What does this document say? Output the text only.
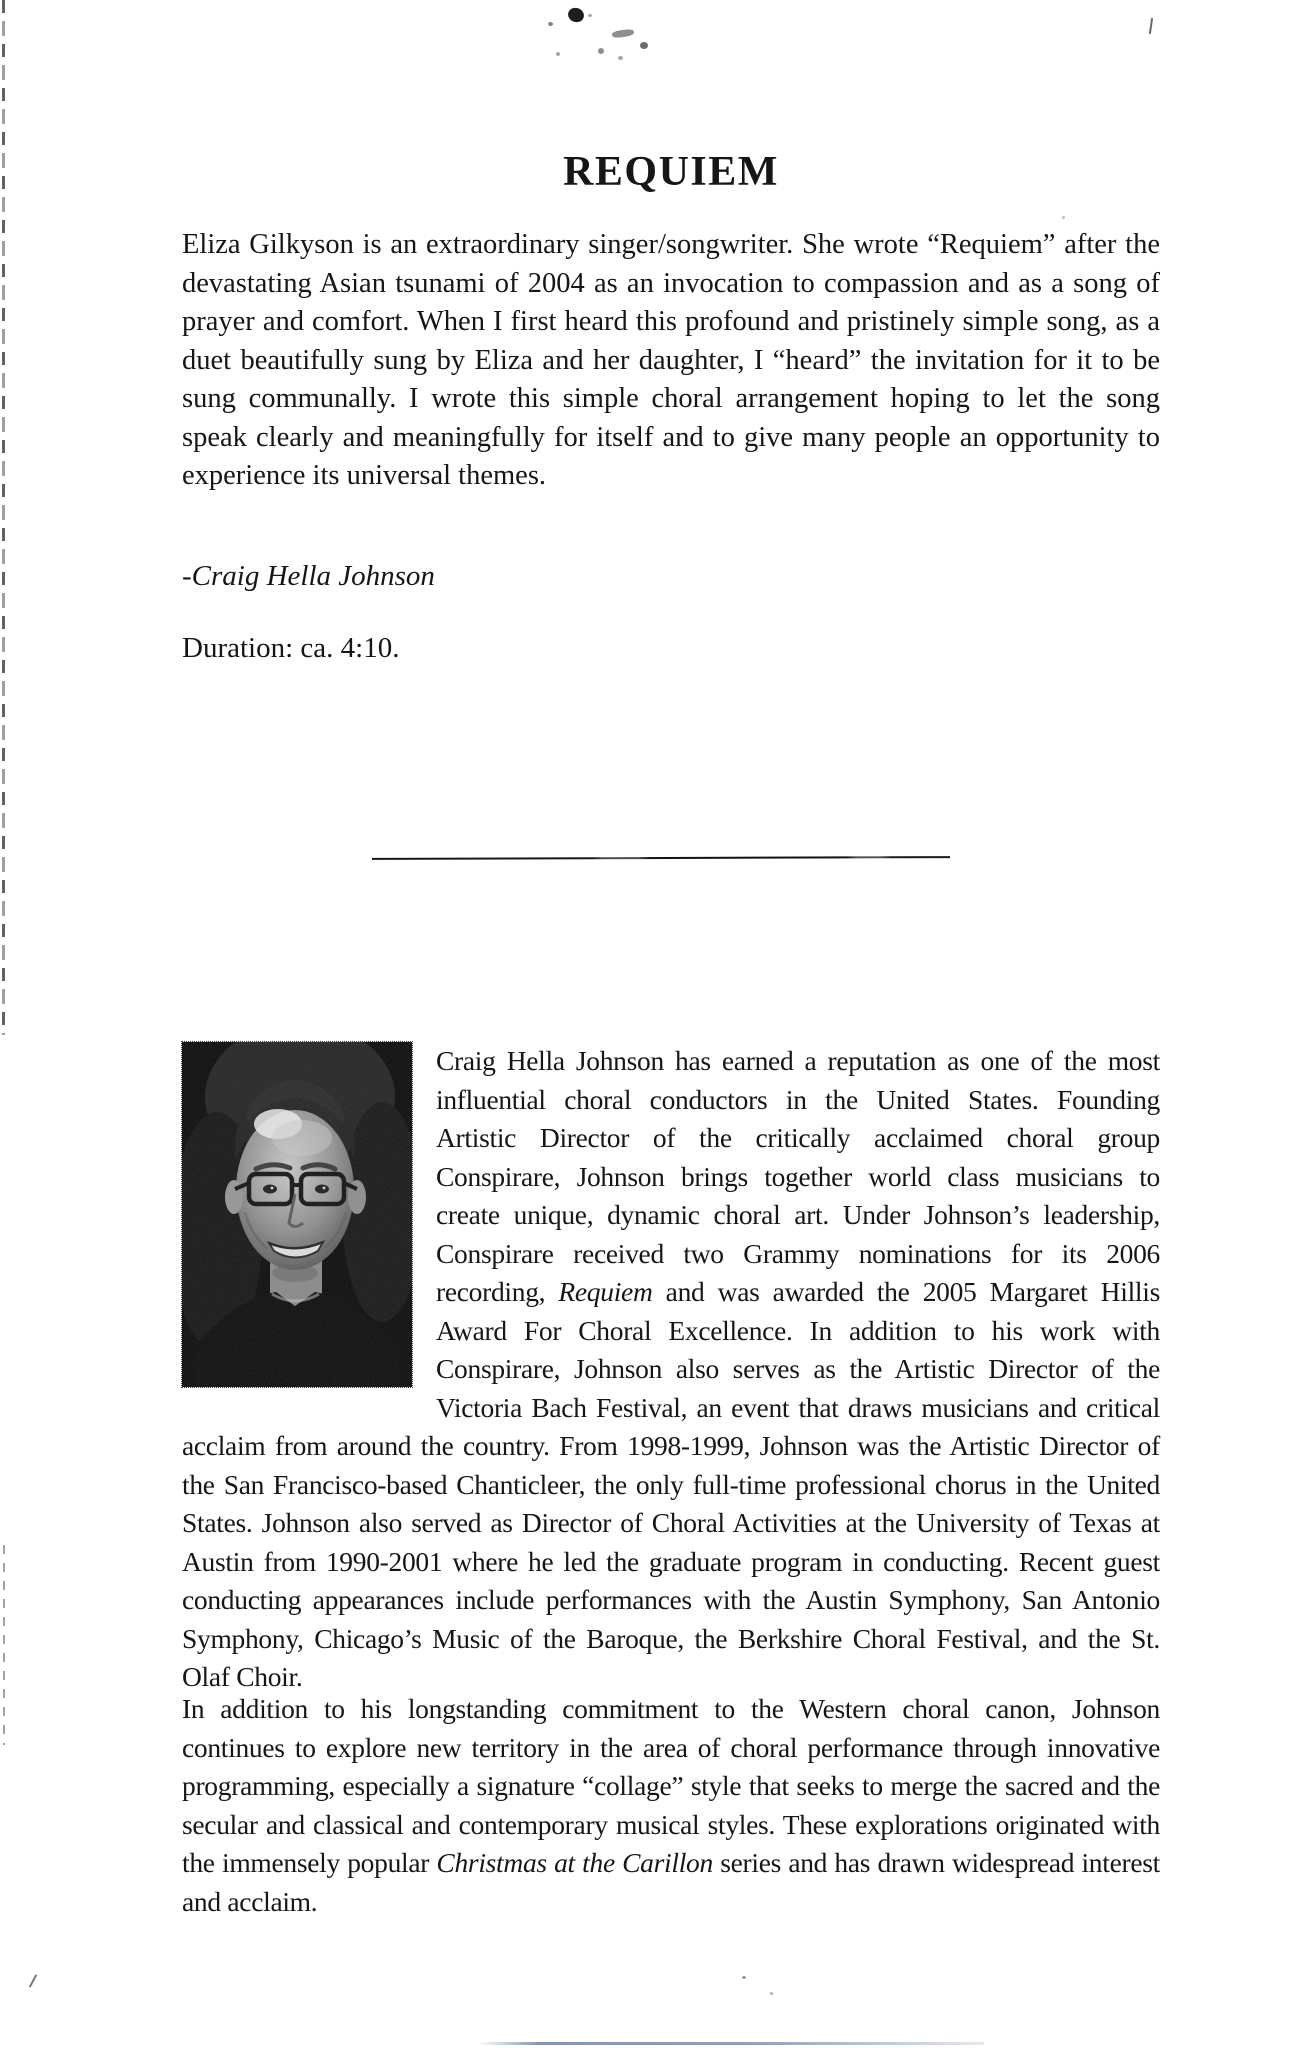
REQUIEM

Eliza Gilkyson is an extraordinary singer/songwriter. She wrote “Requiem” after the devastating Asian tsunami of 2004 as an invocation to compassion and as a song of prayer and comfort. When I first heard this profound and pristinely simple song, as a duet beautifully sung by Eliza and her daughter, I “heard” the invitation for it to be sung communally. I wrote this simple choral arrangement hoping to let the song speak clearly and meaningfully for itself and to give many people an opportunity to experience its universal themes.

-Craig Hella Johnson

Duration: ca. 4:10.

Craig Hella Johnson has earned a reputation as one of the most influential choral conductors in the United States. Founding Artistic Director of the critically acclaimed choral group Conspirare, Johnson brings together world class musicians to create unique, dynamic choral art. Under Johnson’s leadership, Conspirare received two Grammy nominations for its 2006 recording, Requiem and was awarded the 2005 Margaret Hillis Award For Choral Excellence. In addition to his work with Conspirare, Johnson also serves as the Artistic Director of the Victoria Bach Festival, an event that draws musicians and critical acclaim from around the country. From 1998-1999, Johnson was the Artistic Director of the San Francisco-based Chanticleer, the only full-time professional chorus in the United States. Johnson also served as Director of Choral Activities at the University of Texas at Austin from 1990-2001 where he led the graduate program in conducting. Recent guest conducting appearances include performances with the Austin Symphony, San Antonio Symphony, Chicago’s Music of the Baroque, the Berkshire Choral Festival, and the St. Olaf Choir.

In addition to his longstanding commitment to the Western choral canon, Johnson continues to explore new territory in the area of choral performance through innovative programming, especially a signature “collage” style that seeks to merge the sacred and the secular and classical and contemporary musical styles. These explorations originated with the immensely popular Christmas at the Carillon series and has drawn widespread interest and acclaim.
